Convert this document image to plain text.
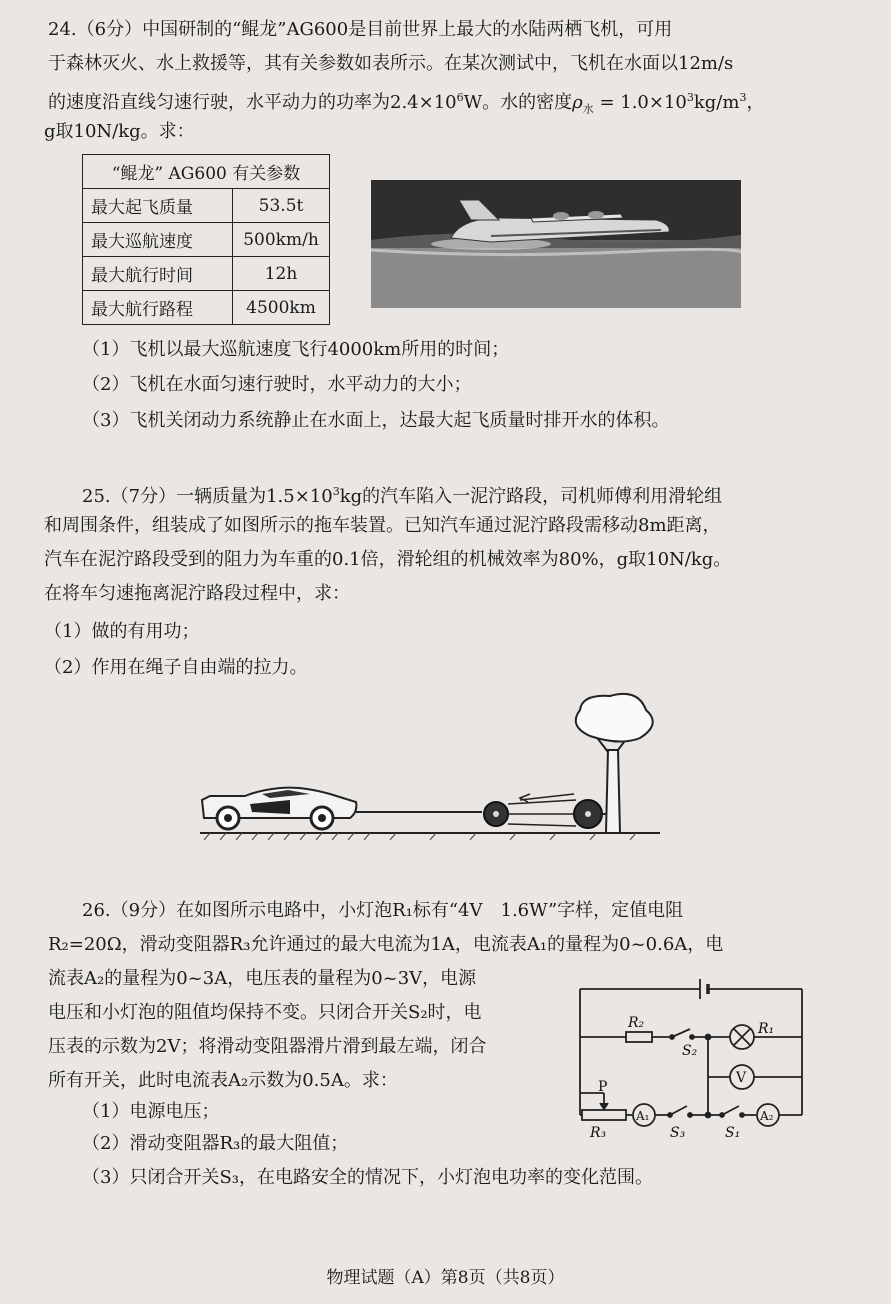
24.（6分）中国研制的“鲲龙”AG600是目前世界上最大的水陆两栖飞机，可用
于森林灭火、水上救援等，其有关参数如表所示。在某次测试中，飞机在水面以12m/s
的速度沿直线匀速行驶，水平动力的功率为$2.4\times 10^6W$。水的密度$\rho_水 = 1.0\times 10^3kg/m^3$，
g取10N/kg。求：
“鲲龙” AG600 有关参数	
最大起飞质量	53.5t
最大巡航速度	500km/h
最大航行时间	12h
最大航行路程	4500km
（1）飞机以最大巡航速度飞行4000km所用的时间；
（2）飞机在水面匀速行驶时，水平动力的大小；
（3）飞机关闭动力系统静止在水面上，达最大起飞质量时排开水的体积。
25.（7分）一辆质量为$1.5\times 10^3kg$的汽车陷入一泥泞路段，司机师傅利用滑轮组
和周围条件，组装成了如图所示的拖车装置。已知汽车通过泥泞路段需移动8m距离，
汽车在泥泞路段受到的阻力为车重的0.1倍，滑轮组的机械效率为80%，g取10N/kg。
在将车匀速拖离泥泞路段过程中，求：
（1）做的有用功；
（2）作用在绳子自由端的拉力。
26.（9分）在如图所示电路中，小灯泡R₁标有“4V　1.6W”字样，定值电阻
R₂=20Ω，滑动变阻器R₃允许通过的最大电流为1A，电流表A₁的量程为0~0.6A，电
流表A₂的量程为0~3A，电压表的量程为0~3V，电源
电压和小灯泡的阻值均保持不变。只闭合开关S₂时，电
压表的示数为2V；将滑动变阻器滑片滑到最左端，闭合
所有开关，此时电流表A₂示数为0.5A。求：
（1）电源电压；
（2）滑动变阻器R₃的最大阻值；
（3）只闭合开关S₃，在电路安全的情况下，小灯泡电功率的变化范围。
R₂	R₁
S₂
V
P
A₁
R₃	S₃	S₁
A₂
物理试题（A）第8页（共8页）
